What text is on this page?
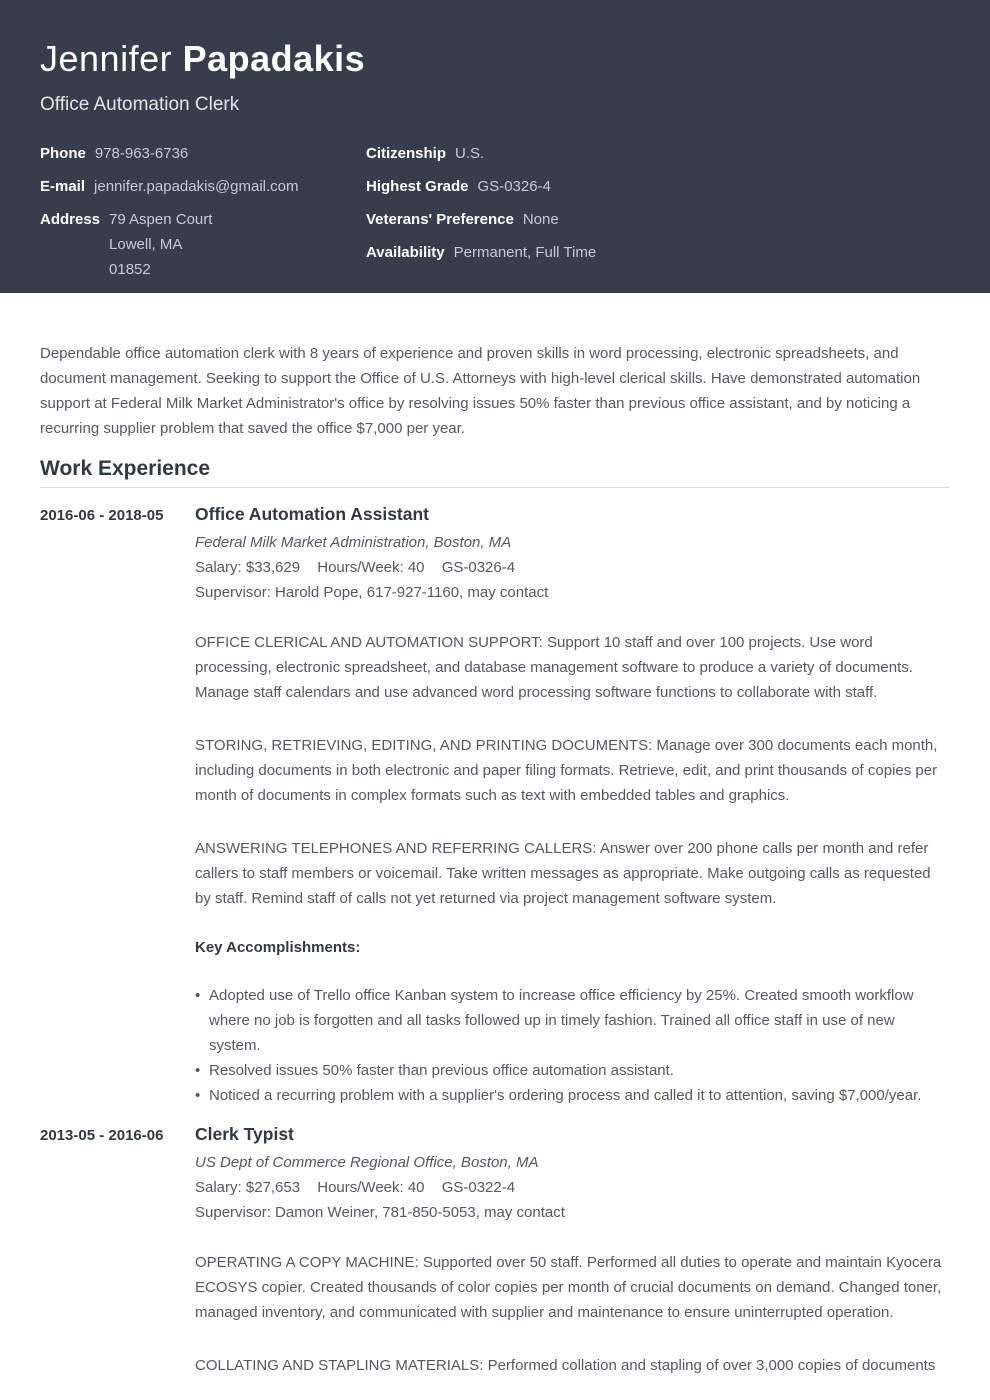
Jennifer Papadakis
Office Automation Clerk
Phone 978-963-6736
E-mail jennifer.papadakis@gmail.com
Address 79 Aspen Court
Lowell, MA
01852
Citizenship U.S.
Highest Grade GS-0326-4
Veterans' Preference None
Availability Permanent, Full Time

Dependable office automation clerk with 8 years of experience and proven skills in word processing, electronic spreadsheets, and document management. Seeking to support the Office of U.S. Attorneys with high-level clerical skills. Have demonstrated automation support at Federal Milk Market Administrator's office by resolving issues 50% faster than previous office assistant, and by noticing a recurring supplier problem that saved the office $7,000 per year.

Work Experience
2016-06 - 2018-05	Office Automation Assistant
Federal Milk Market Administration, Boston, MA
Salary: $33,629 Hours/Week: 40 GS-0326-4
Supervisor: Harold Pope, 617-927-1160, may contact

OFFICE CLERICAL AND AUTOMATION SUPPORT: Support 10 staff and over 100 projects. Use word processing, electronic spreadsheet, and database management software to produce a variety of documents. Manage staff calendars and use advanced word processing software functions to collaborate with staff.

STORING, RETRIEVING, EDITING, AND PRINTING DOCUMENTS: Manage over 300 documents each month, including documents in both electronic and paper filing formats. Retrieve, edit, and print thousands of copies per month of documents in complex formats such as text with embedded tables and graphics.

ANSWERING TELEPHONES AND REFERRING CALLERS: Answer over 200 phone calls per month and refer callers to staff members or voicemail. Take written messages as appropriate. Make outgoing calls as requested by staff. Remind staff of calls not yet returned via project management software system.

Key Accomplishments:
• Adopted use of Trello office Kanban system to increase office efficiency by 25%. Created smooth workflow where no job is forgotten and all tasks followed up in timely fashion. Trained all office staff in use of new system.
• Resolved issues 50% faster than previous office automation assistant.
• Noticed a recurring problem with a supplier's ordering process and called it to attention, saving $7,000/year.
2013-05 - 2016-06	Clerk Typist
US Dept of Commerce Regional Office, Boston, MA
Salary: $27,653 Hours/Week: 40 GS-0322-4
Supervisor: Damon Weiner, 781-850-5053, may contact

OPERATING A COPY MACHINE: Supported over 50 staff. Performed all duties to operate and maintain Kyocera ECOSYS copier. Created thousands of color copies per month of crucial documents on demand. Changed toner, managed inventory, and communicated with supplier and maintenance to ensure uninterrupted operation.

COLLATING AND STAPLING MATERIALS: Performed collation and stapling of over 3,000 copies of documents
